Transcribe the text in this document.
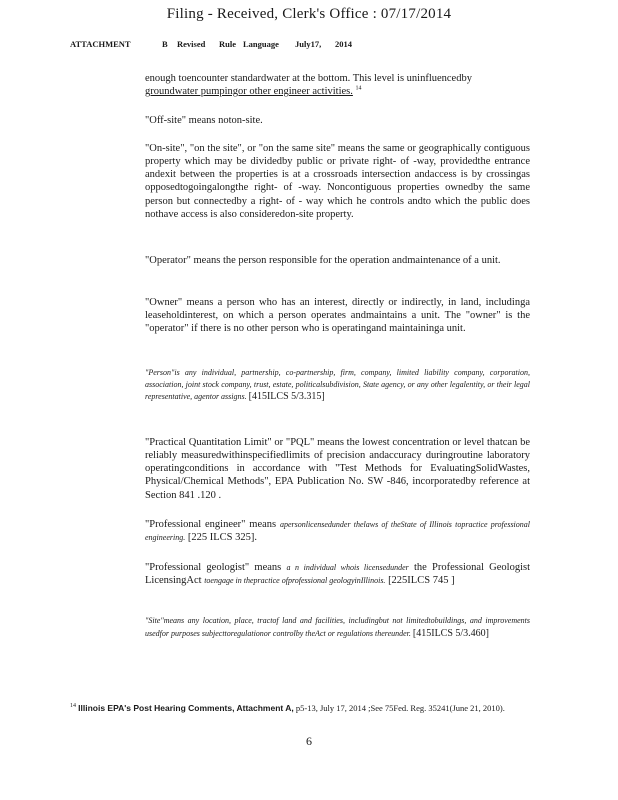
Filing - Received, Clerk's Office : 07/17/2014
ATTACHMENT	B	Revised	Rule Language	July17,	2014

enough toencounter standardwater at the bottom. This level is uninfluencedby
groundwater pumpingor other engineer activities. $^{14}$

"Off-site" means noton-site.

"On-site", "on the site", or "on the same site" means the same or geographically contiguous property which may be dividedby public or private right- of -way, providedthe entrance andexit between the properties is at a crossroads intersection andaccess is by crossingas opposedtogoingalongthe right- of -way. Noncontiguous properties ownedby the same person but connectedby a right- of - way which he controls andto which the public does nothave access is also consideredon-site property.

"Operator" means the person responsible for the operation andmaintenance of a unit.

"Owner" means a person who has an interest, directly or indirectly, in land, includinga leaseholdinterest, on which a person operates andmaintains a unit. The "owner" is the "operator" if there is no other person who is operatingand maintaininga unit.

"Person"is any individual, partnership, co-partnership, firm, company, limited liability company, corporation, association, joint stock company, trust, estate, politicalsubdivision, State agency, or any other legalentity, or their legal representative, agentor assigns. [415ILCS 5/3.315]

"Practical Quantitation Limit" or "PQL" means the lowest concentration or level thatcan be reliably measuredwithinspecifiedlimits of precision andaccuracy duringroutine laboratory operatingconditions in accordance with "Test Methods for EvaluatingSolidWastes, Physical/Chemical Methods", EPA Publication No. SW -846, incorporatedby reference at Section 841 .120 .

"Professional engineer" means apersonlicensedunder thelaws of theState of Illinois topractice professional engineering. [225 ILCS 325].

"Professional geologist" means a n individual whois licensedunder the Professional Geologist LicensingAct toengage in thepractice ofprofessional geologyinIllinois. [225ILCS 745 ]

"Site"means any location, place, tractof land and facilities, includingbut not limitedtobuildings, and improvements usedfor purposes subjecttoregulationor controlby theAct or regulations thereunder. [415ILCS 5/3.460]

$^{14}$ Illinois EPA's Post Hearing Comments, Attachment A, p5-13, July 17, 2014 ;See 75Fed. Reg. 35241(June 21, 2010).
6
